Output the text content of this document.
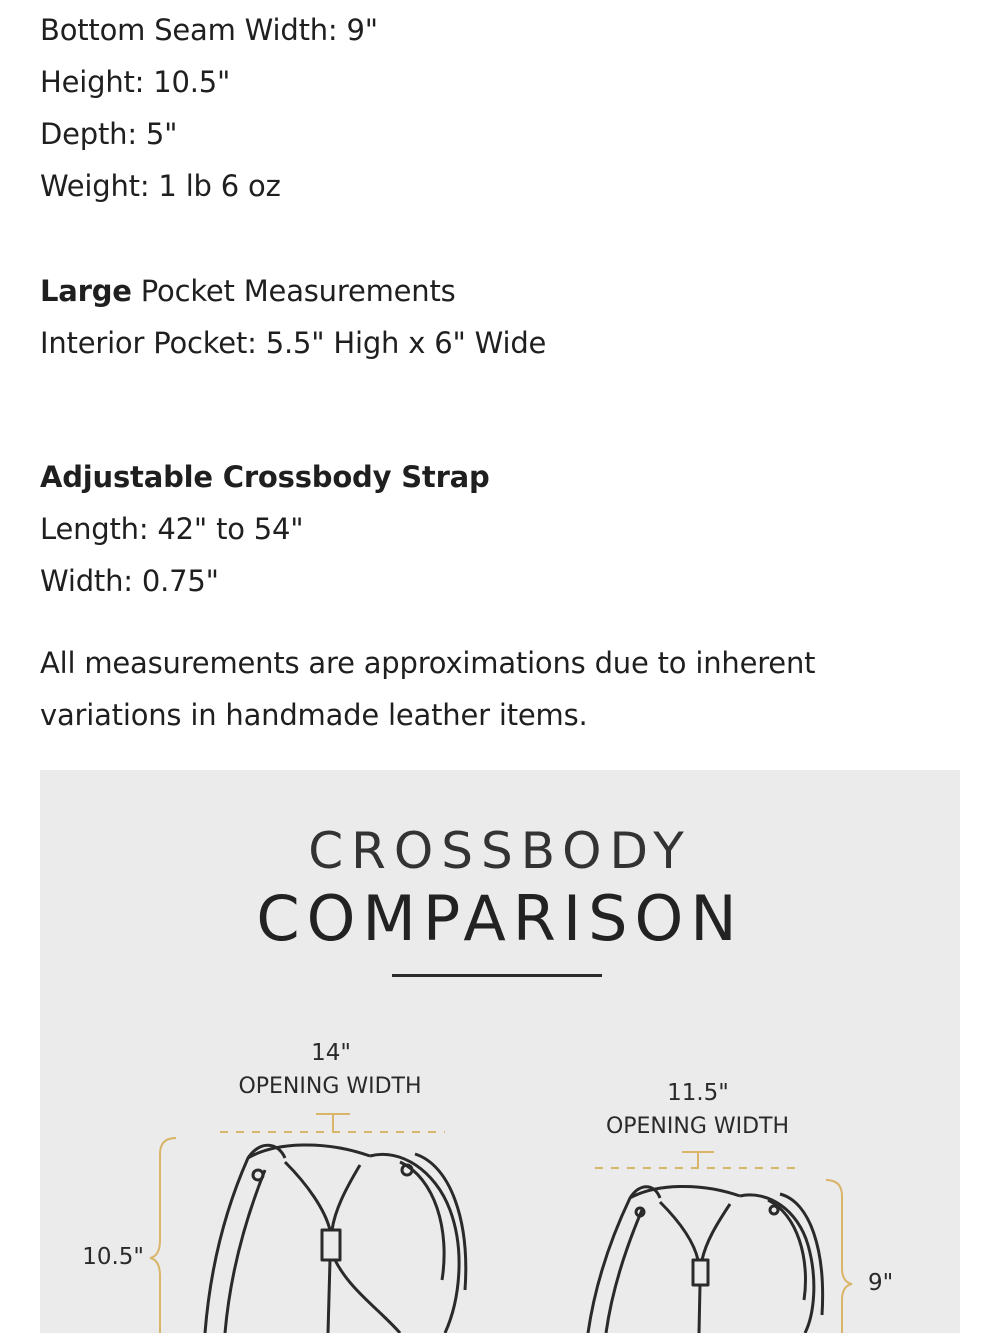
Bottom Seam Width: 9"
Height: 10.5"
Depth: 5"
Weight: 1 lb 6 oz
Large Pocket Measurements
Interior Pocket: 5.5" High x 6" Wide
Adjustable Crossbody Strap
Length: 42" to 54"
Width: 0.75"
All measurements are approximations due to inherent
variations in handmade leather items.
CROSSBODY
COMPARISON
14"
OPENING WIDTH
10.5"
11.5"
OPENING WIDTH
9"
